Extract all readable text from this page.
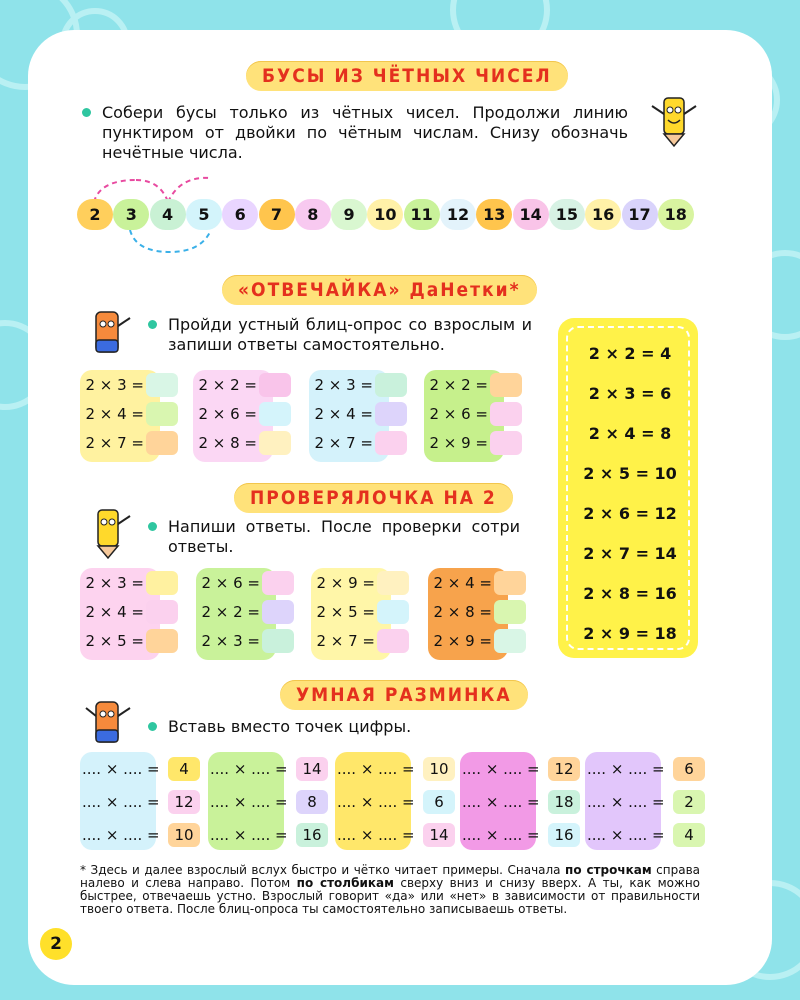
БУСЫ ИЗ ЧЁТНЫХ ЧИСЕЛ
Собери бусы только из чётных чисел. Продолжи линию пунктиром от двойки по чётным числам. Снизу обозначь нечётные числа.
2	3	4	5	6	7	8	9	10 11 12 13 14 15 16 17 18
«ОТВЕЧАЙКА» ДаНетки*
Пройди устный блиц-опрос со взрослым и запиши ответы самостоятельно.
2 × 3 =
2 × 4 =
2 × 7 =
2 × 2 =
2 × 6 =
2 × 8 =
2 × 3 =
2 × 4 =
2 × 7 =
2 × 2 =
2 × 6 =
2 × 9 =
ПРОВЕРЯЛОЧКА НА 2
Напиши ответы. После проверки сотри ответы.
2 × 3 =
2 × 4 =
2 × 5 =
2 × 6 =
2 × 2 =
2 × 3 =
2 × 9 =
2 × 5 =
2 × 7 =
2 × 4 =
2 × 8 =
2 × 9 =
2 × 2 = 4
2 × 3 = 6
2 × 4 = 8
2 × 5 = 10
2 × 6 = 12
2 × 7 = 14
2 × 8 = 16
2 × 9 = 18
УМНАЯ РАЗМИНКА
Вставь вместо точек цифры.
.... × .... =	4
.... × .... = 12
.... × .... = 10
.... × .... = 14
.... × .... =	8
.... × .... = 16
.... × .... = 10
.... × .... =	6
.... × .... = 14
.... × .... = 12
.... × .... = 18
.... × .... = 16
.... × .... =	6
.... × .... =	2
.... × .... =	4
* Здесь и далее взрослый вслух быстро и чётко читает примеры. Сначала по строчкам справа налево и слева направо. Потом по столбикам сверху вниз и снизу вверх. А ты, как можно быстрее, отвечаешь устно. Взрослый говорит «да» или «нет» в зависимости от правильности твоего ответа. После блиц-опроса ты самостоятельно записываешь ответы.
2
